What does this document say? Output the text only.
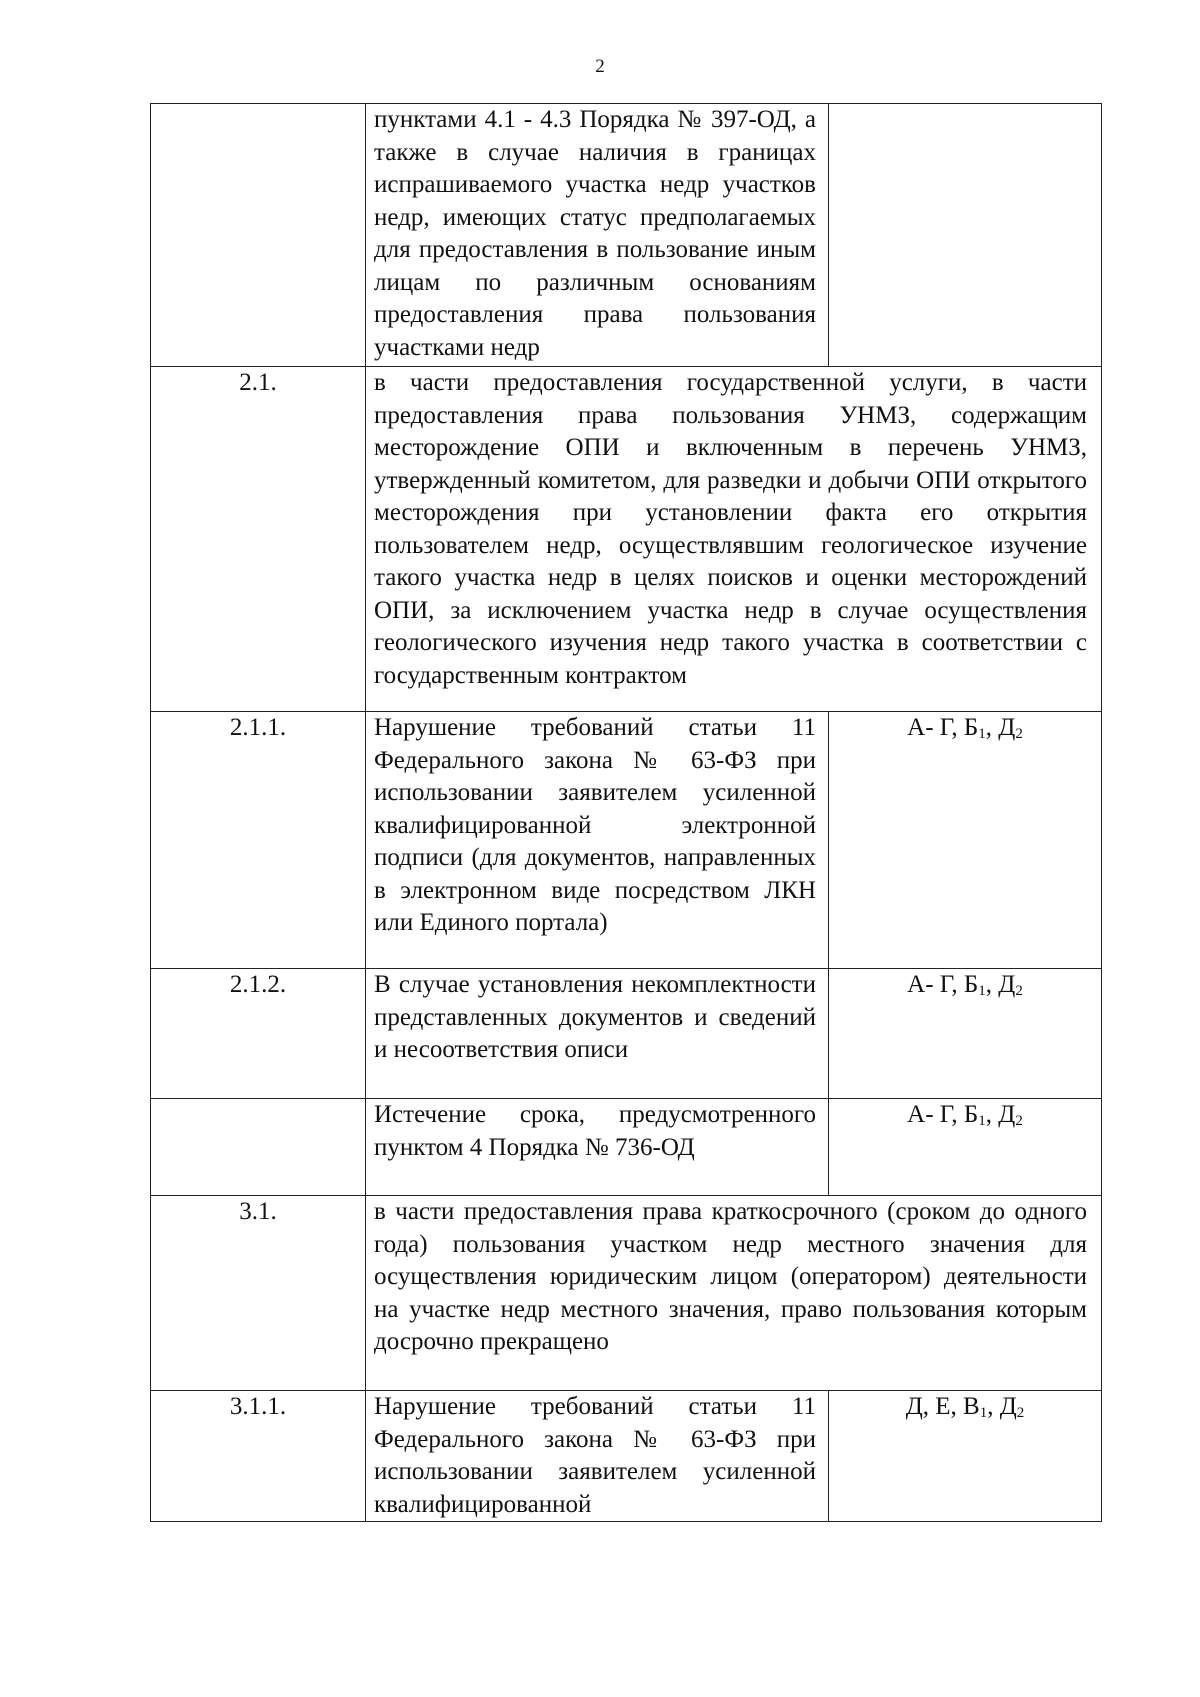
2
	пунктами 4.1 - 4.3 Порядка № 397-ОД, а также в случае наличия в границах испрашиваемого участка недр участков недр, имеющих статус предполагаемых для предоставления в пользование иным лицам по различным основаниям предоставления права пользования участками недр	
2.1.	в части предоставления государственной услуги, в части предоставления права пользования УНМЗ, содержащим месторождение ОПИ и включенным в перечень УНМЗ, утвержденный комитетом, для разведки и добычи ОПИ открытого месторождения при установлении факта его открытия пользователем недр, осуществлявшим геологическое изучение такого участка недр в целях поисков и оценки месторождений ОПИ, за исключением участка недр в случае осуществления геологического изучения недр такого участка в соответствии с государственным контрактом	
2.1.1.	Нарушение требований статьи 11 Федерального закона № 63-ФЗ при использовании заявителем усиленной квалифицированной электронной подписи (для документов, направленных в электронном виде посредством ЛКН или Единого портала)	А- Г, $Б_1$, $Д_2$
2.1.2.	В случае установления некомплектности представленных документов и сведений и несоответствия описи	А- Г, $Б_1$, $Д_2$
	Истечение срока, предусмотренного пунктом 4 Порядка № 736-ОД	А- Г, $Б_1$, $Д_2$
3.1.	в части предоставления права краткосрочного (сроком до одного года) пользования участком недр местного значения для осуществления юридическим лицом (оператором) деятельности на участке недр местного значения, право пользования которым досрочно прекращено	
3.1.1.	Нарушение требований статьи 11 Федерального закона № 63-ФЗ при использовании заявителем усиленной квалифицированной	Д, Е, $В_1$, $Д_2$
